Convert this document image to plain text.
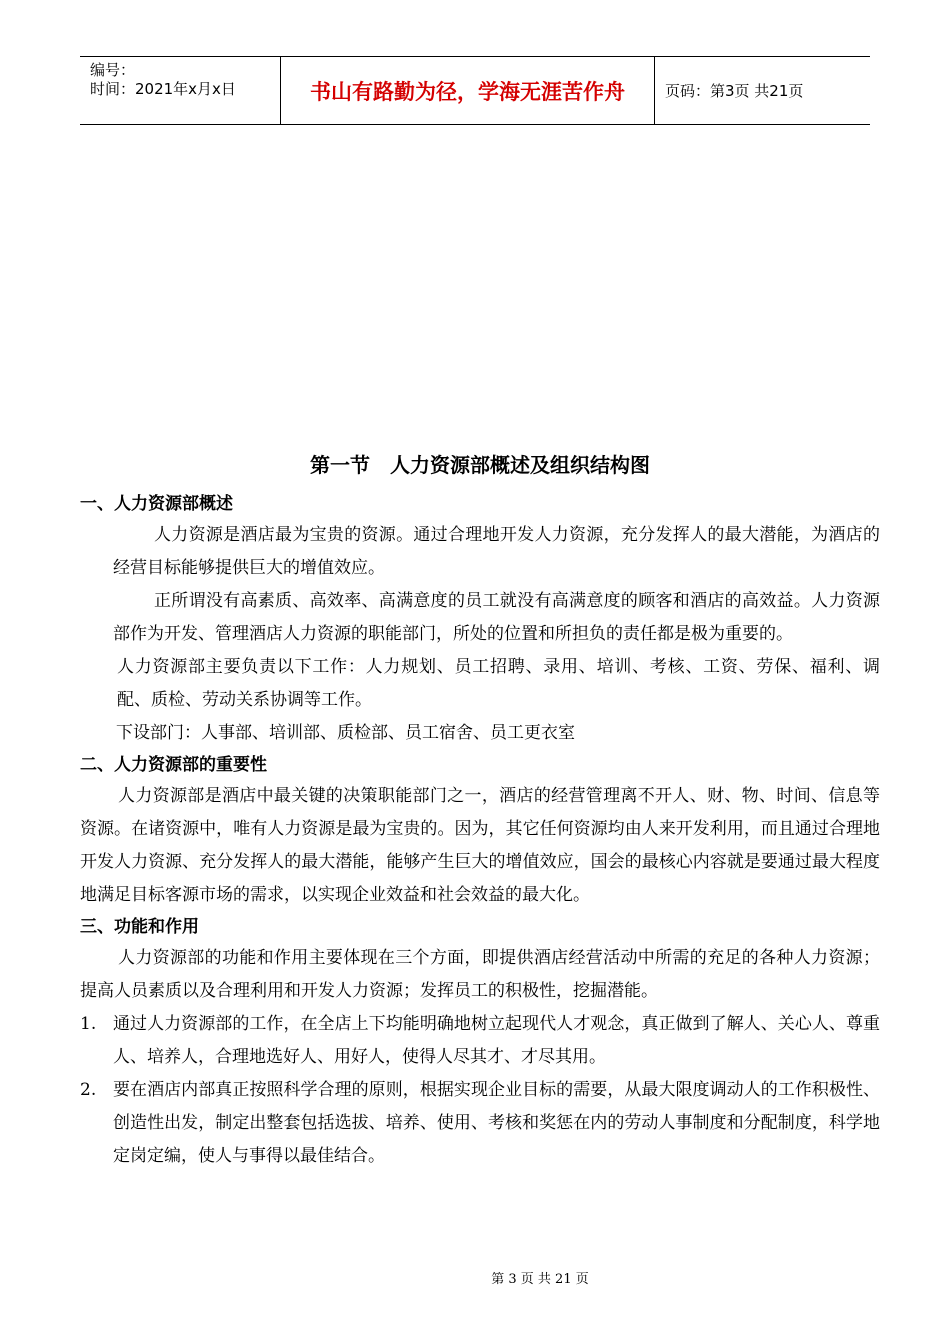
编号：
时间：2021年x月x日	书山有路勤为径，学海无涯苦作舟	页码：第3页 共21页
第一节　人力资源部概述及组织结构图
一、人力资源部概述

人力资源是酒店最为宝贵的资源。通过合理地开发人力资源，充分发挥人的最大潜能，为酒店的经营目标能够提供巨大的增值效应。

正所谓没有高素质、高效率、高满意度的员工就没有高满意度的顾客和酒店的高效益。人力资源部作为开发、管理酒店人力资源的职能部门，所处的位置和所担负的责任都是极为重要的。

人力资源部主要负责以下工作：人力规划、员工招聘、录用、培训、考核、工资、劳保、福利、调配、质检、劳动关系协调等工作。

下设部门：人事部、培训部、质检部、员工宿舍、员工更衣室

二、人力资源部的重要性

人力资源部是酒店中最关键的决策职能部门之一，酒店的经营管理离不开人、财、物、时间、信息等资源。在诸资源中，唯有人力资源是最为宝贵的。因为，其它任何资源均由人来开发利用，而且通过合理地开发人力资源、充分发挥人的最大潜能，能够产生巨大的增值效应，国会的最核心内容就是要通过最大程度地满足目标客源市场的需求，以实现企业效益和社会效益的最大化。

三、功能和作用

人力资源部的功能和作用主要体现在三个方面，即提供酒店经营活动中所需的充足的各种人力资源；提高人员素质以及合理利用和开发人力资源；发挥员工的积极性，挖掘潜能。

1. 通过人力资源部的工作，在全店上下均能明确地树立起现代人才观念，真正做到了解人、关心人、尊重人、培养人，合理地选好人、用好人，使得人尽其才、才尽其用。
2. 要在酒店内部真正按照科学合理的原则，根据实现企业目标的需要，从最大限度调动人的工作积极性、创造性出发，制定出整套包括选拔、培养、使用、考核和奖惩在内的劳动人事制度和分配制度，科学地定岗定编，使人与事得以最佳结合。
第 3 页 共 21 页
